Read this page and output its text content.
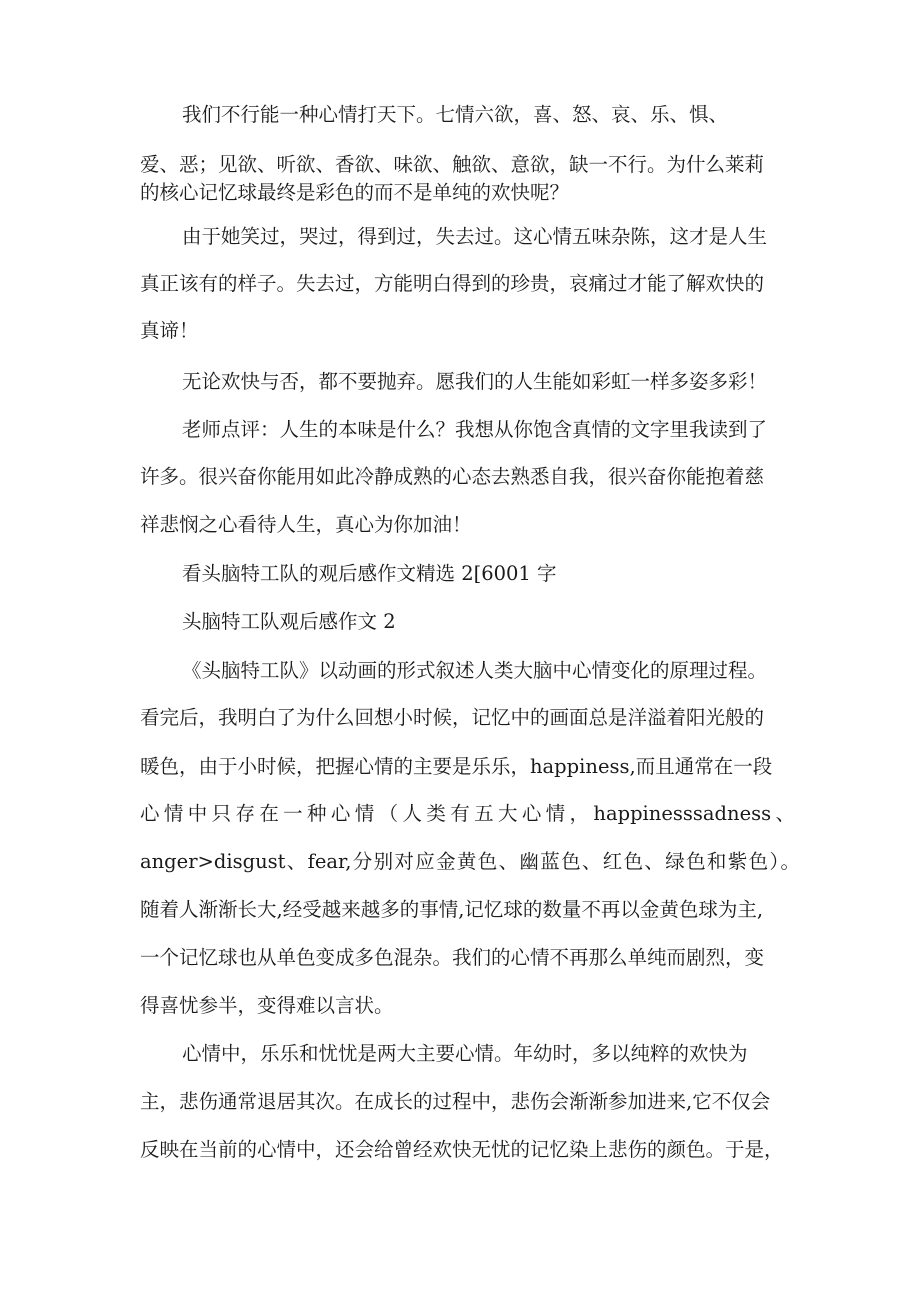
我们不行能一种心情打天下。七情六欲，喜、怒、哀、乐、惧、

爱、恶；见欲、听欲、香欲、味欲、触欲、意欲，缺一不行。为什么莱莉

的核心记忆球最终是彩色的而不是单纯的欢快呢？

由于她笑过，哭过，得到过，失去过。这心情五味杂陈，这才是人生

真正该有的样子。失去过，方能明白得到的珍贵，哀痛过才能了解欢快的

真谛！

无论欢快与否，都不要抛弃。愿我们的人生能如彩虹一样多姿多彩！

老师点评：人生的本味是什么？我想从你饱含真情的文字里我读到了

许多。很兴奋你能用如此冷静成熟的心态去熟悉自我，很兴奋你能抱着慈

祥悲悯之心看待人生，真心为你加油！

看头脑特工队的观后感作文精选 2[6001 字

头脑特工队观后感作文 2

《头脑特工队》以动画的形式叙述人类大脑中心情变化的原理过程。

看完后，我明白了为什么回想小时候，记忆中的画面总是洋溢着阳光般的

暖色，由于小时候，把握心情的主要是乐乐，happiness,而且通常在一段

心情中只存在一种心情（人类有五大心情，happinesssadness、

anger>disgust、fear,分别对应金黄色、幽蓝色、红色、绿色和紫色）。

随着人渐渐长大,经受越来越多的事情,记忆球的数量不再以金黄色球为主,

一个记忆球也从单色变成多色混杂。我们的心情不再那么单纯而剧烈，变

得喜忧参半，变得难以言状。

心情中，乐乐和忧忧是两大主要心情。年幼时，多以纯粹的欢快为

主，悲伤通常退居其次。在成长的过程中，悲伤会渐渐参加进来,它不仅会

反映在当前的心情中，还会给曾经欢快无忧的记忆染上悲伤的颜色。于是，
